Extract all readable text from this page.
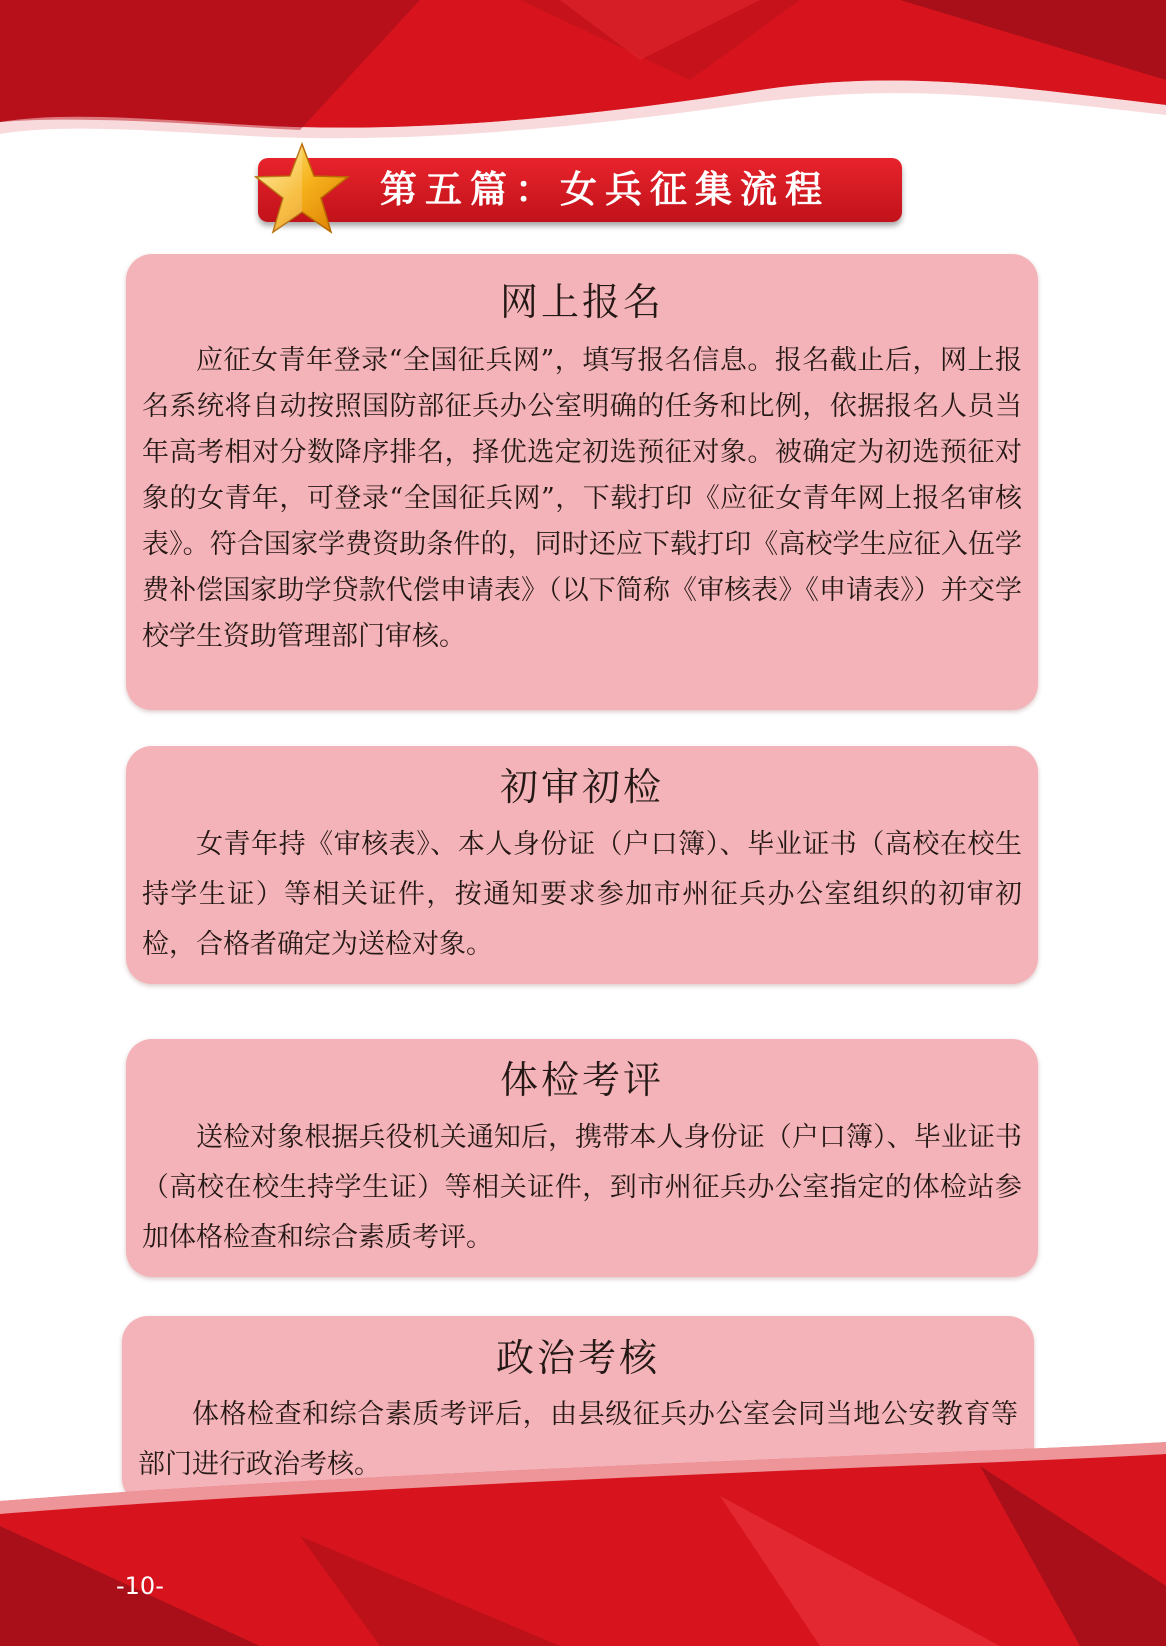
第五篇：女兵征集流程
网上报名

应征女青年登录“全国征兵网”，填写报名信息。报名截止后，网上报名系统将自动按照国防部征兵办公室明确的任务和比例，依据报名人员当年高考相对分数降序排名，择优选定初选预征对象。被确定为初选预征对象的女青年，可登录“全国征兵网”，下载打印《应征女青年网上报名审核表》。符合国家学费资助条件的，同时还应下载打印《高校学生应征入伍学费补偿国家助学贷款代偿申请表》（以下简称《审核表》《申请表》）并交学校学生资助管理部门审核。

初审初检

女青年持《审核表》、本人身份证（户口簿）、毕业证书（高校在校生持学生证）等相关证件，按通知要求参加市州征兵办公室组织的初审初检，合格者确定为送检对象。

体检考评

送检对象根据兵役机关通知后，携带本人身份证（户口簿）、毕业证书（高校在校生持学生证）等相关证件，到市州征兵办公室指定的体检站参加体格检查和综合素质考评。

政治考核

体格检查和综合素质考评后，由县级征兵办公室会同当地公安教育等部门进行政治考核。

-10-
